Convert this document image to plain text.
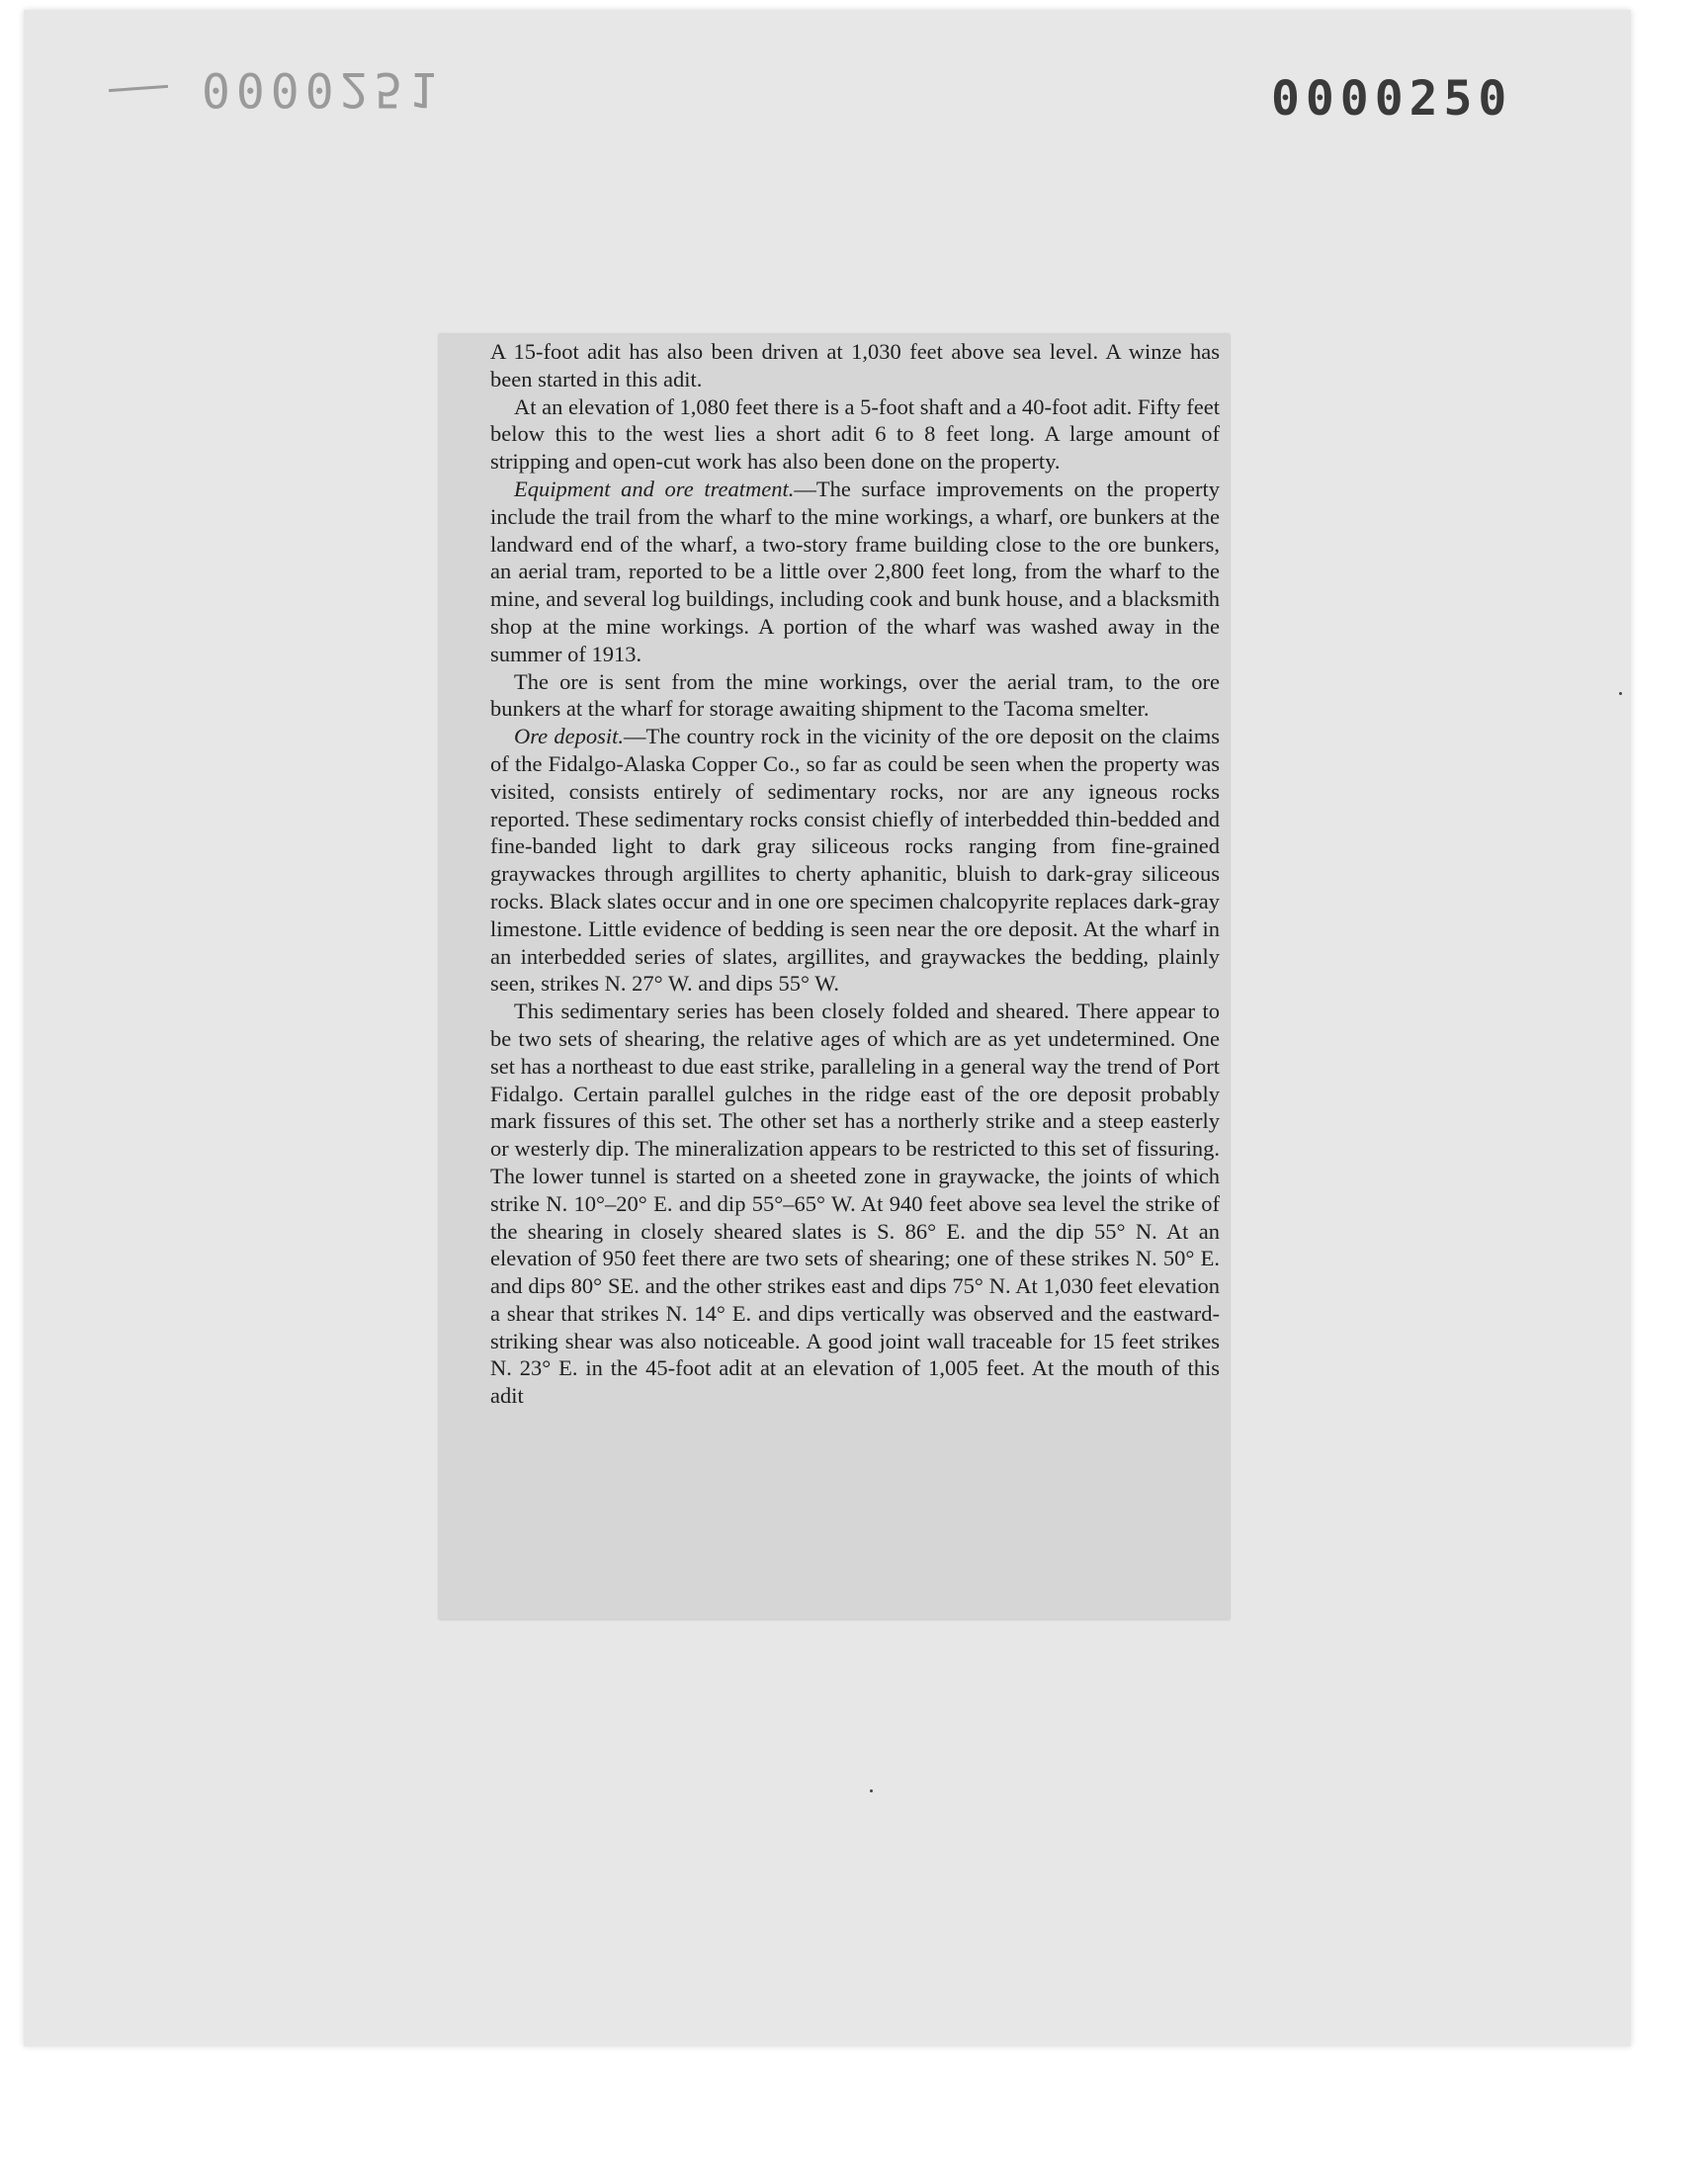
0000251	0000250

A 15-foot adit has also been driven at 1,030 feet above sea level. A winze has been started in this adit.

At an elevation of 1,080 feet there is a 5-foot shaft and a 40-foot adit. Fifty feet below this to the west lies a short adit 6 to 8 feet long. A large amount of stripping and open-cut work has also been done on the property.

Equipment and ore treatment.—The surface improvements on the property include the trail from the wharf to the mine workings, a wharf, ore bunkers at the landward end of the wharf, a two-story frame building close to the ore bunkers, an aerial tram, reported to be a little over 2,800 feet long, from the wharf to the mine, and several log buildings, including cook and bunk house, and a blacksmith shop at the mine workings. A portion of the wharf was washed away in the summer of 1913.

The ore is sent from the mine workings, over the aerial tram, to the ore bunkers at the wharf for storage awaiting shipment to the Tacoma smelter.

Ore deposit.—The country rock in the vicinity of the ore deposit on the claims of the Fidalgo-Alaska Copper Co., so far as could be seen when the property was visited, consists entirely of sedimentary rocks, nor are any igneous rocks reported. These sedimentary rocks consist chiefly of interbedded thin-bedded and fine-banded light to dark gray siliceous rocks ranging from fine-grained graywackes through argillites to cherty aphanitic, bluish to dark-gray siliceous rocks. Black slates occur and in one ore specimen chalcopyrite replaces dark-gray limestone. Little evidence of bedding is seen near the ore deposit. At the wharf in an interbedded series of slates, argillites, and graywackes the bedding, plainly seen, strikes N. 27° W. and dips 55° W.

This sedimentary series has been closely folded and sheared. There appear to be two sets of shearing, the relative ages of which are as yet undetermined. One set has a northeast to due east strike, paralleling in a general way the trend of Port Fidalgo. Certain parallel gulches in the ridge east of the ore deposit probably mark fissures of this set. The other set has a northerly strike and a steep easterly or westerly dip. The mineralization appears to be restricted to this set of fissuring. The lower tunnel is started on a sheeted zone in graywacke, the joints of which strike N. 10°–20° E. and dip 55°–65° W. At 940 feet above sea level the strike of the shearing in closely sheared slates is S. 86° E. and the dip 55° N. At an elevation of 950 feet there are two sets of shearing; one of these strikes N. 50° E. and dips 80° SE. and the other strikes east and dips 75° N. At 1,030 feet elevation a shear that strikes N. 14° E. and dips vertically was observed and the eastward-striking shear was also noticeable. A good joint wall traceable for 15 feet strikes N. 23° E. in the 45-foot adit at an elevation of 1,005 feet. At the mouth of this adit
